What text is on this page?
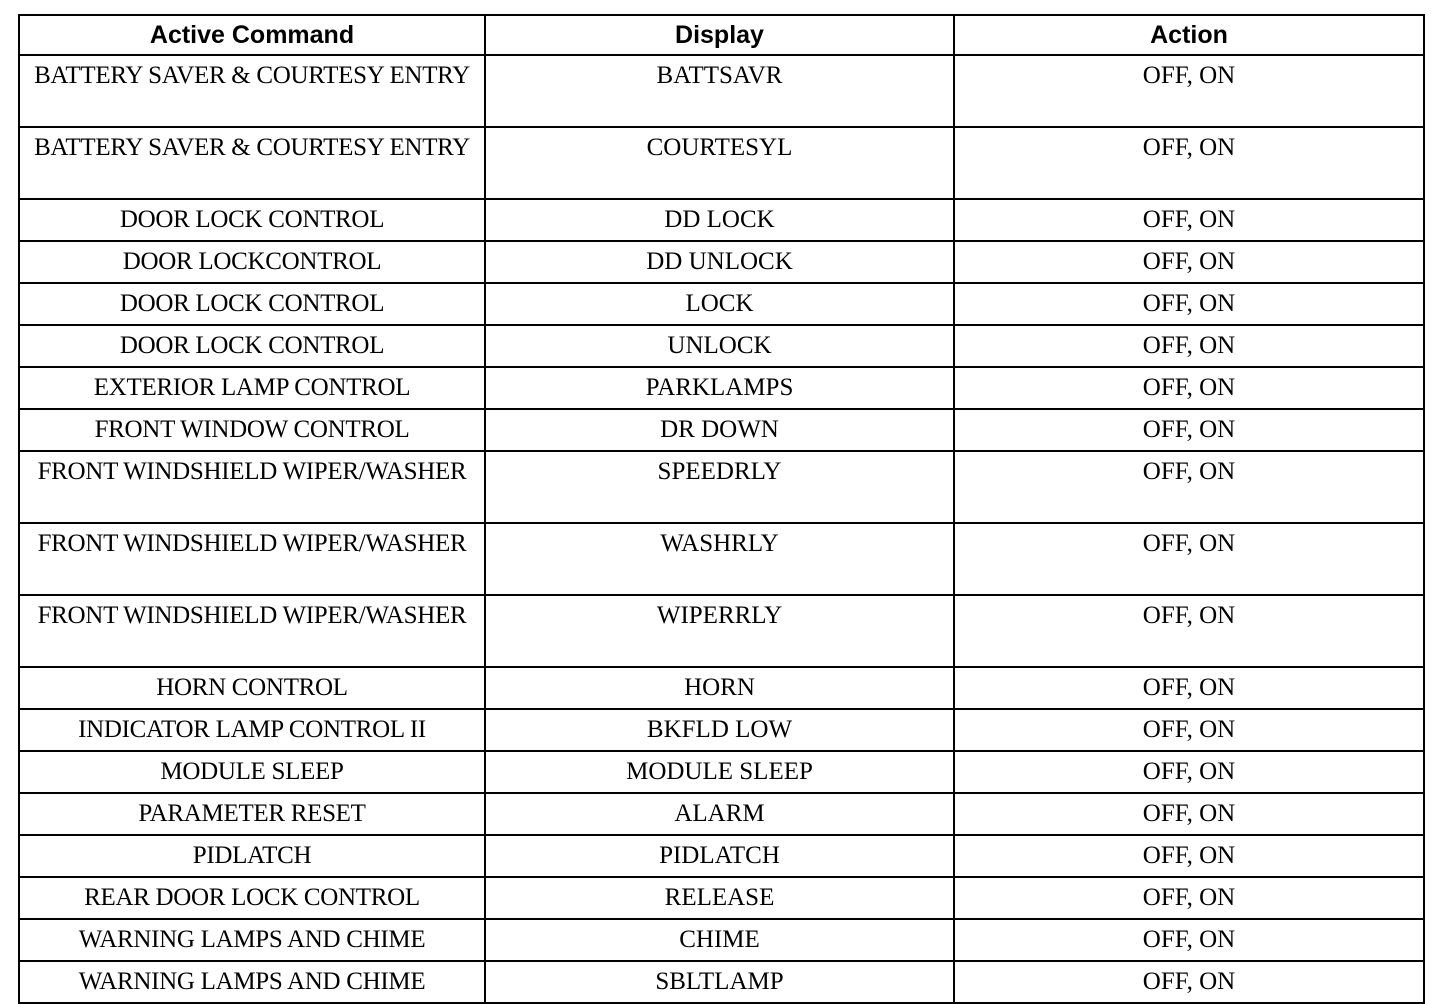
Active Command	Display	Action
BATTERY SAVER & COURTESY ENTRY	BATTSAVR	OFF, ON
BATTERY SAVER & COURTESY ENTRY	COURTESYL	OFF, ON
DOOR LOCK CONTROL	DD LOCK	OFF, ON
DOOR LOCKCONTROL	DD UNLOCK	OFF, ON
DOOR LOCK CONTROL	LOCK	OFF, ON
DOOR LOCK CONTROL	UNLOCK	OFF, ON
EXTERIOR LAMP CONTROL	PARKLAMPS	OFF, ON
FRONT WINDOW CONTROL	DR DOWN	OFF, ON
FRONT WINDSHIELD WIPER/WASHER	SPEEDRLY	OFF, ON
FRONT WINDSHIELD WIPER/WASHER	WASHRLY	OFF, ON
FRONT WINDSHIELD WIPER/WASHER	WIPERRLY	OFF, ON
HORN CONTROL	HORN	OFF, ON
INDICATOR LAMP CONTROL II	BKFLD LOW	OFF, ON
MODULE SLEEP	MODULE SLEEP	OFF, ON
PARAMETER RESET	ALARM	OFF, ON
PIDLATCH	PIDLATCH	OFF, ON
REAR DOOR LOCK CONTROL	RELEASE	OFF, ON
WARNING LAMPS AND CHIME	CHIME	OFF, ON
WARNING LAMPS AND CHIME	SBLTLAMP	OFF, ON
